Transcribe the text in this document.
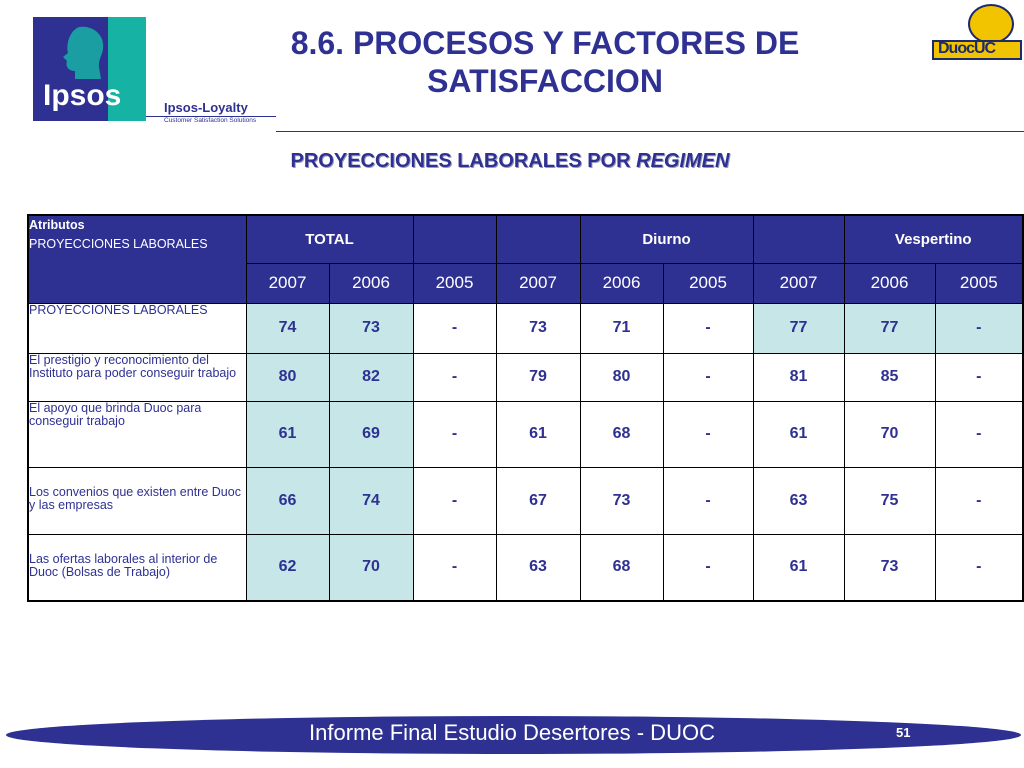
Ipsos	Ipsos-Loyalty
Customer Satisfaction Solutions
8.6. PROCESOS Y FACTORES DE
SATISFACCION
DuocUC
PROYECCIONES LABORALES POR REGIMEN
Atributos
PROYECCIONES LABORALES	TOTAL				Diurno			Vespertino	
	2007	2006	2005	2007	2006	2005	2007	2006	2005
PROYECCIONES LABORALES	74	73	-	73	71	-	77	77	-
El prestigio y reconocimiento del Instituto para poder conseguir trabajo	80	82	-	79	80	-	81	85	-
El apoyo que brinda Duoc para conseguir trabajo	61	69	-	61	68	-	61	70	-
Los convenios que existen entre Duoc y las empresas	66	74	-	67	73	-	63	75	-
Las ofertas laborales al interior de Duoc (Bolsas de Trabajo)	62	70	-	63	68	-	61	73	-
Informe Final Estudio Desertores - DUOC	51
